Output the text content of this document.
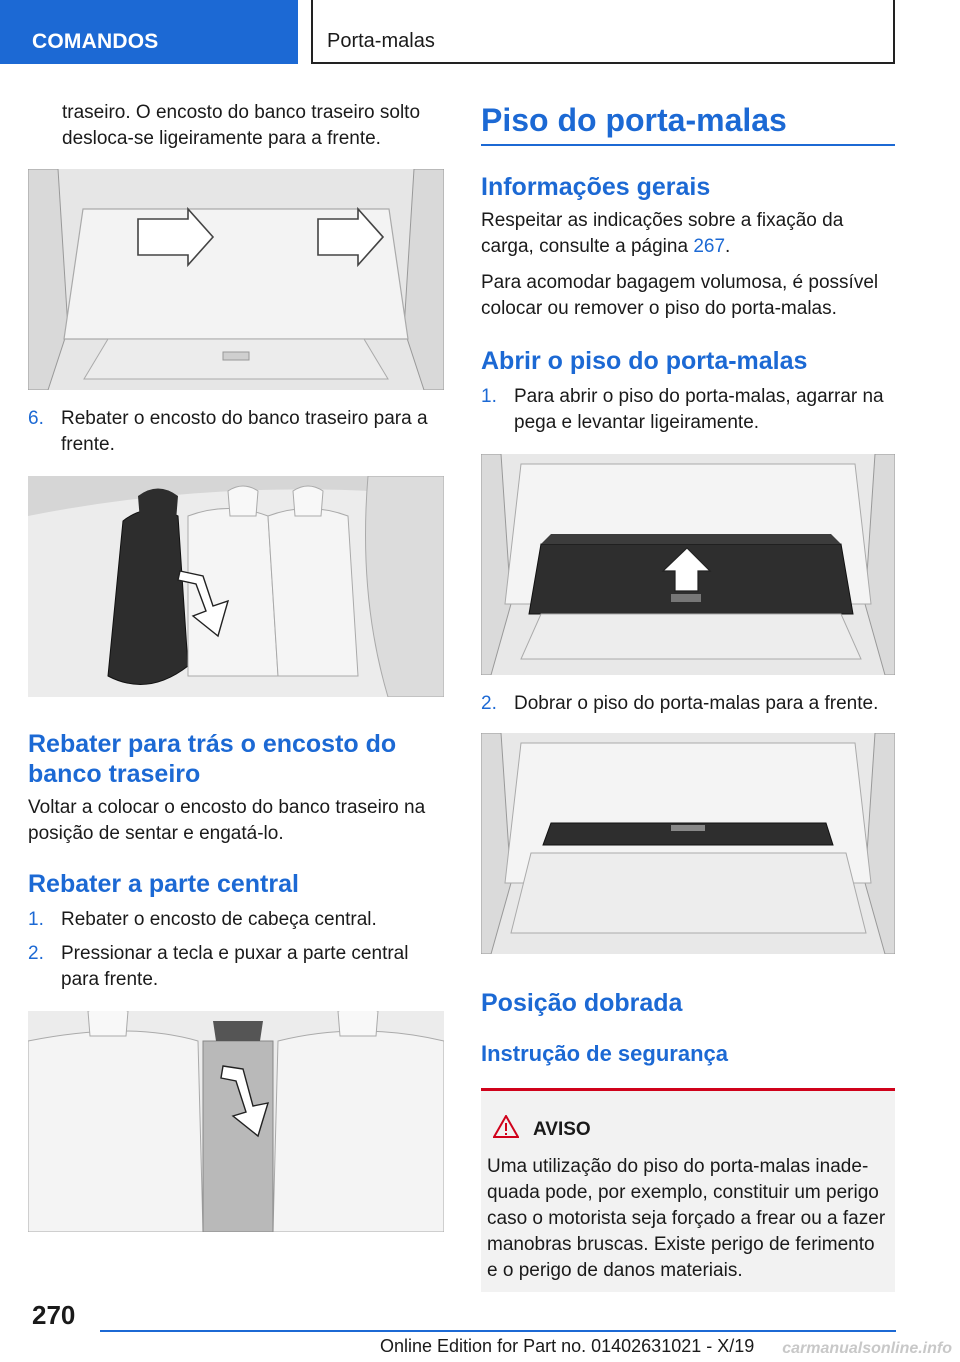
COMANDOS	Porta-malas

traseiro. O encosto do banco traseiro solto desloca-se ligeiramente para a frente.

6. Rebater o encosto do banco traseiro para a frente.
Rebater para trás o encosto do banco traseiro

Voltar a colocar o encosto do banco traseiro na posição de sentar e engatá-lo.

Rebater a parte central
1. Rebater o encosto de cabeça central.
2. Pressionar a tecla e puxar a parte central para frente.
Piso do porta-malas
Informações gerais

Respeitar as indicações sobre a fixação da carga, consulte a página 267.

Para acomodar bagagem volumosa, é possível colocar ou remover o piso do porta-malas.

Abrir o piso do porta-malas
1. Para abrir o piso do porta-malas, agarrar na pega e levantar ligeiramente.
2. Dobrar o piso do porta-malas para a frente.
Posição dobrada
Instrução de segurança
AVISO

Uma utilização do piso do porta-malas inadequada pode, por exemplo, constituir um perigo caso o motorista seja forçado a frear ou a fazer manobras bruscas. Existe perigo de ferimento e o perigo de danos materiais.

270
Online Edition for Part no. 01402631021 - X/19 carmanualsonline.info
